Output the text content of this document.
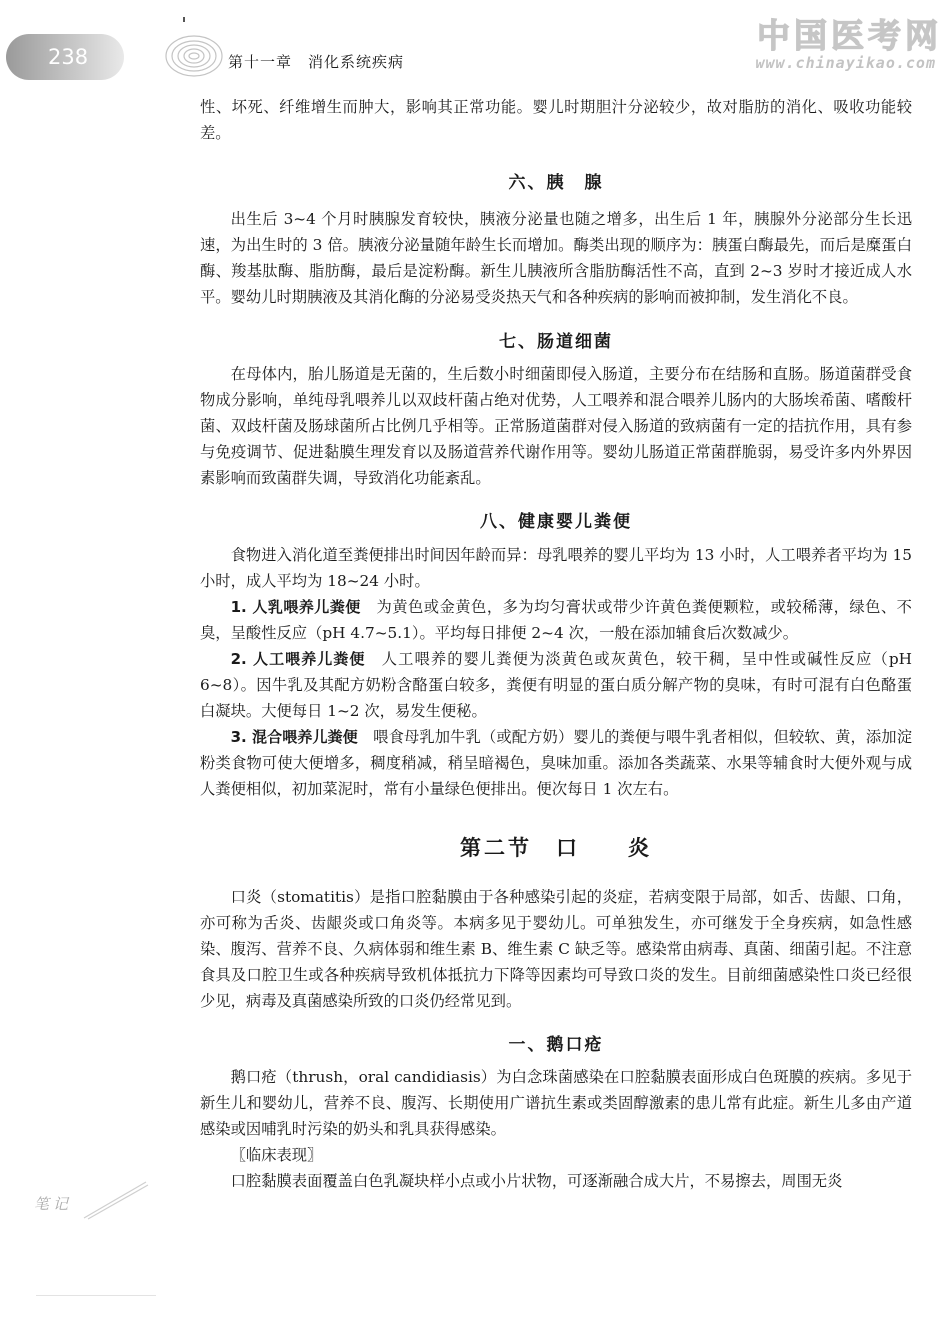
238	第十一章　消化系统疾病
中国医考网
www.chinayikao.com

性、坏死、纤维增生而肿大，影响其正常功能。婴儿时期胆汁分泌较少，故对脂肪的消化、吸收功能较差。

六、胰　腺

出生后 3~4 个月时胰腺发育较快，胰液分泌量也随之增多，出生后 1 年，胰腺外分泌部分生长迅速，为出生时的 3 倍。胰液分泌量随年龄生长而增加。酶类出现的顺序为：胰蛋白酶最先，而后是糜蛋白酶、羧基肽酶、脂肪酶，最后是淀粉酶。新生儿胰液所含脂肪酶活性不高，直到 2~3 岁时才接近成人水平。婴幼儿时期胰液及其消化酶的分泌易受炎热天气和各种疾病的影响而被抑制，发生消化不良。

七、肠道细菌

在母体内，胎儿肠道是无菌的，生后数小时细菌即侵入肠道，主要分布在结肠和直肠。肠道菌群受食物成分影响，单纯母乳喂养儿以双歧杆菌占绝对优势，人工喂养和混合喂养儿肠内的大肠埃希菌、嗜酸杆菌、双歧杆菌及肠球菌所占比例几乎相等。正常肠道菌群对侵入肠道的致病菌有一定的拮抗作用，具有参与免疫调节、促进黏膜生理发育以及肠道营养代谢作用等。婴幼儿肠道正常菌群脆弱，易受许多内外界因素影响而致菌群失调，导致消化功能紊乱。

八、健康婴儿粪便

食物进入消化道至粪便排出时间因年龄而异：母乳喂养的婴儿平均为 13 小时，人工喂养者平均为 15 小时，成人平均为 18~24 小时。

1. 人乳喂养儿粪便　 为黄色或金黄色，多为均匀膏状或带少许黄色粪便颗粒，或较稀薄，绿色、不臭，呈酸性反应（pH 4.7~5.1）。平均每日排便 2~4 次，一般在添加辅食后次数减少。

2. 人工喂养儿粪便　 人工喂养的婴儿粪便为淡黄色或灰黄色，较干稠，呈中性或碱性反应（pH 6~8）。因牛乳及其配方奶粉含酪蛋白较多，粪便有明显的蛋白质分解产物的臭味，有时可混有白色酪蛋白凝块。大便每日 1~2 次，易发生便秘。

3. 混合喂养儿粪便　 喂食母乳加牛乳（或配方奶）婴儿的粪便与喂牛乳者相似，但较软、黄，添加淀粉类食物可使大便增多，稠度稍减，稍呈暗褐色，臭味加重。添加各类蔬菜、水果等辅食时大便外观与成人粪便相似，初加菜泥时，常有小量绿色便排出。便次每日 1 次左右。

第二节　口　　炎

口炎（stomatitis）是指口腔黏膜由于各种感染引起的炎症，若病变限于局部，如舌、齿龈、口角，亦可称为舌炎、齿龈炎或口角炎等。本病多见于婴幼儿。可单独发生，亦可继发于全身疾病，如急性感染、腹泻、营养不良、久病体弱和维生素 B、维生素 C 缺乏等。感染常由病毒、真菌、细菌引起。不注意食具及口腔卫生或各种疾病导致机体抵抗力下降等因素均可导致口炎的发生。目前细菌感染性口炎已经很少见，病毒及真菌感染所致的口炎仍经常见到。

一、鹅口疮

鹅口疮（thrush，oral candidiasis）为白念珠菌感染在口腔黏膜表面形成白色斑膜的疾病。多见于新生儿和婴幼儿，营养不良、腹泻、长期使用广谱抗生素或类固醇激素的患儿常有此症。新生儿多由产道感染或因哺乳时污染的奶头和乳具获得感染。

〖临床表现〗

口腔黏膜表面覆盖白色乳凝块样小点或小片状物，可逐渐融合成大片，不易擦去，周围无炎

笔记
